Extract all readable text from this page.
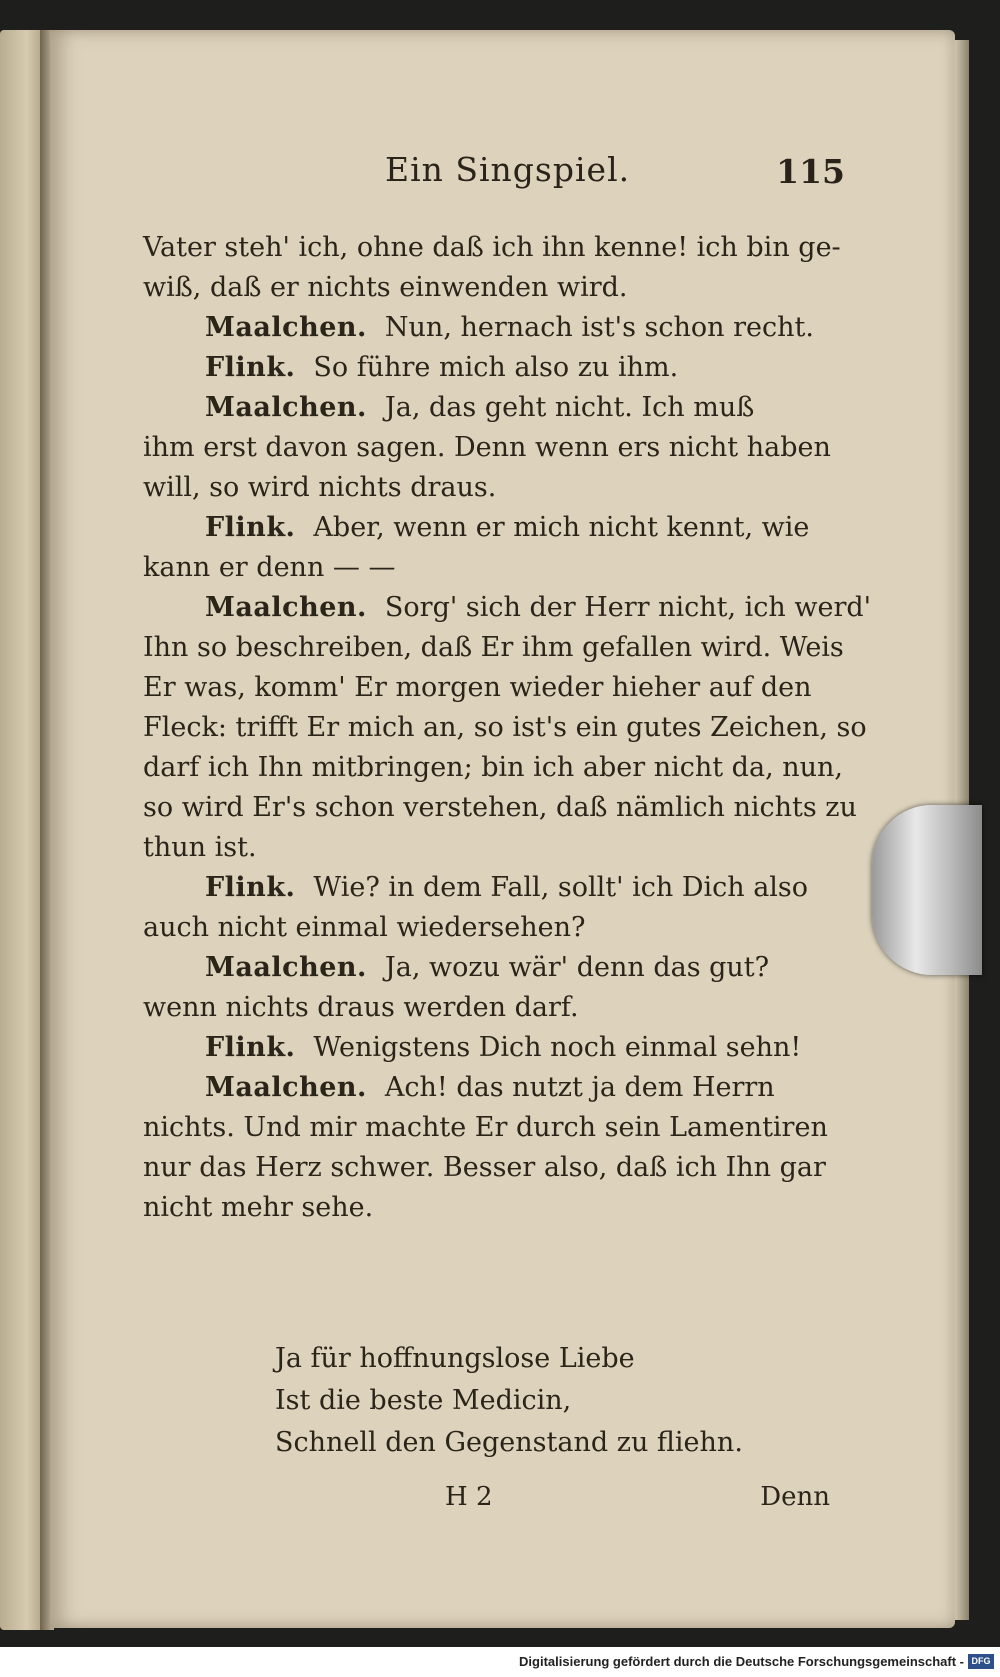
Ein Singspiel.	115
Vater steh' ich, ohne daß ich ihn kenne! ich bin ge-
wiß, daß er nichts einwenden wird.
Maalchen. Nun, hernach ist's schon recht.
Flink. So führe mich also zu ihm.
Maalchen. Ja, das geht nicht. Ich muß
ihm erst davon sagen. Denn wenn ers nicht haben
will, so wird nichts draus.
Flink. Aber, wenn er mich nicht kennt, wie
kann er denn — —
Maalchen. Sorg' sich der Herr nicht, ich werd'
Ihn so beschreiben, daß Er ihm gefallen wird. Weis
Er was, komm' Er morgen wieder hieher auf den
Fleck: trifft Er mich an, so ist's ein gutes Zeichen, so
darf ich Ihn mitbringen; bin ich aber nicht da, nun,
so wird Er's schon verstehen, daß nämlich nichts zu
thun ist.
Flink. Wie? in dem Fall, sollt' ich Dich also
auch nicht einmal wiedersehen?
Maalchen. Ja, wozu wär' denn das gut?
wenn nichts draus werden darf.
Flink. Wenigstens Dich noch einmal sehn!
Maalchen. Ach! das nutzt ja dem Herrn
nichts. Und mir machte Er durch sein Lamentiren
nur das Herz schwer. Besser also, daß ich Ihn gar
nicht mehr sehe.
Ja für hoffnungslose Liebe
Ist die beste Medicin,
Schnell den Gegenstand zu fliehn.
H 2	Denn
Digitalisierung gefördert durch die Deutsche Forschungsgemeinschaft - DFG
